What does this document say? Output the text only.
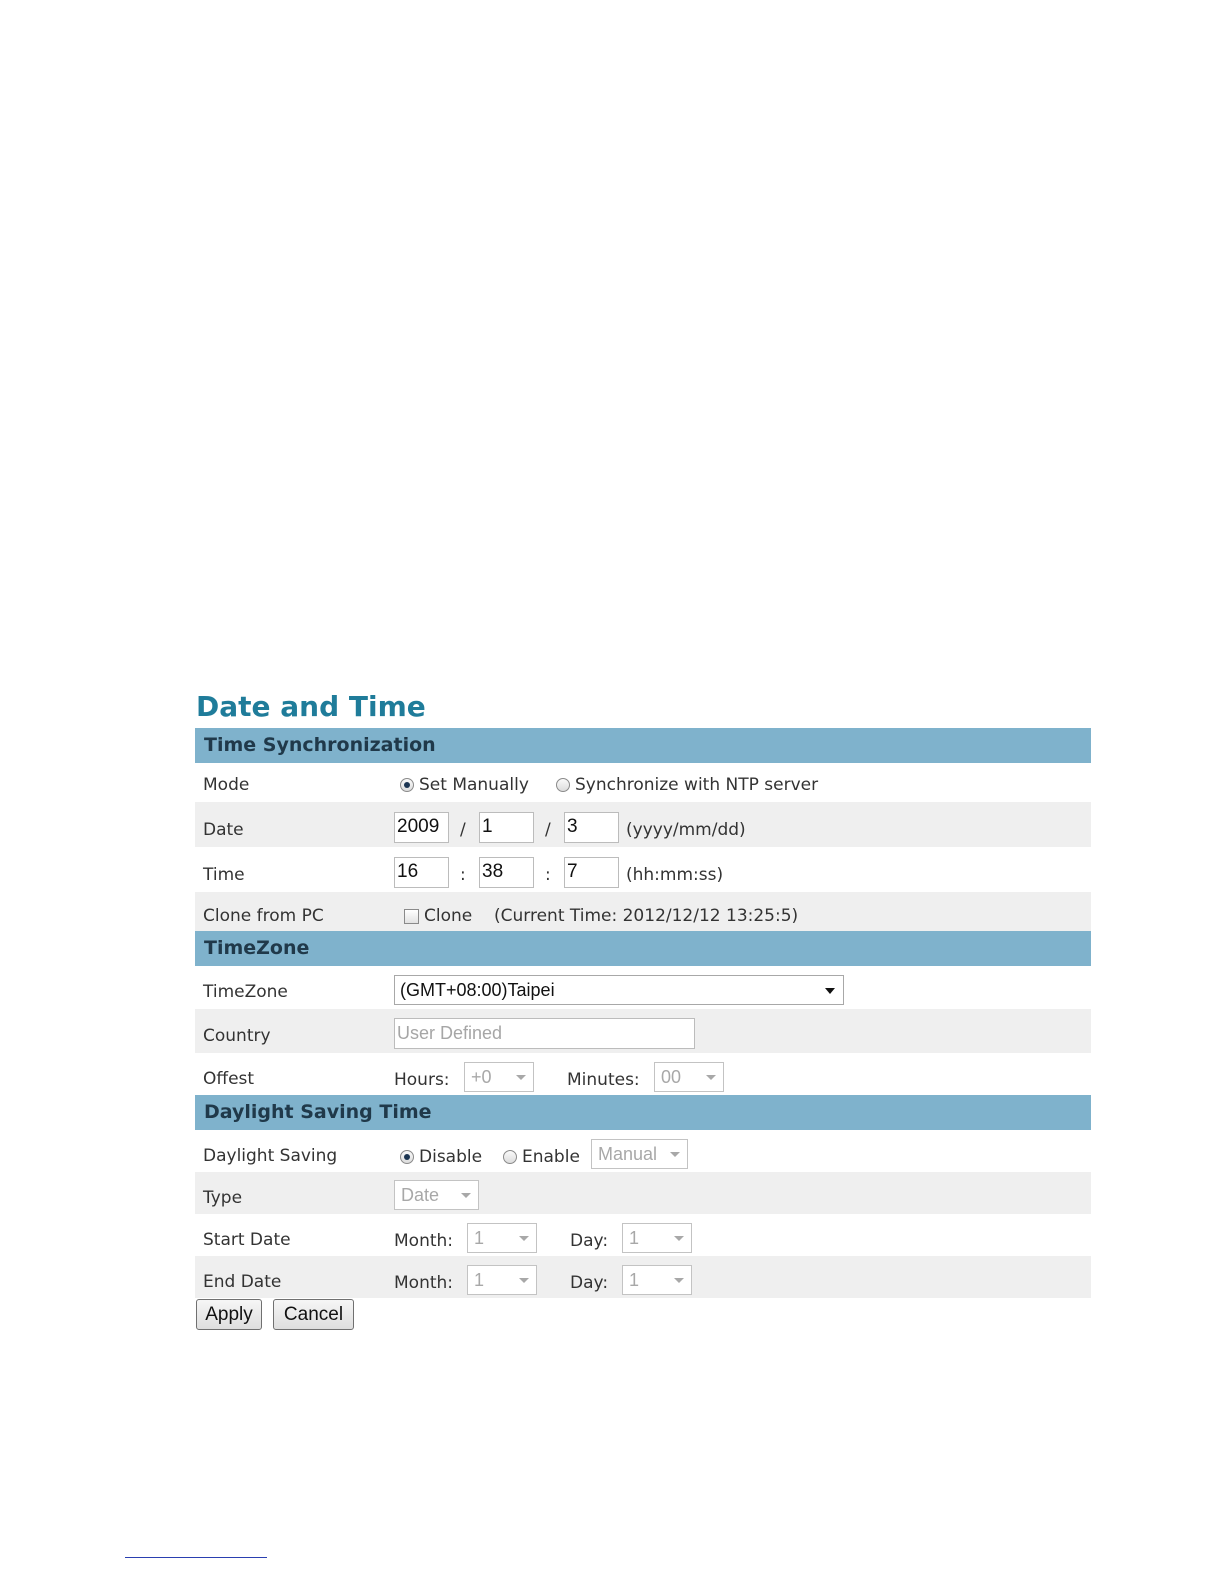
Date and Time
Time Synchronization
Mode	Set Manually	Synchronize with NTP server
Date	2009	/ 1	/ 3	(yyyy/mm/dd)
Time	16	: 38	: 7	(hh:mm:ss)
Clone from PC	Clone (Current Time: 2012/12/12 13:25:5)
TimeZone
TimeZone	(GMT+08:00)Taipei
Country	User Defined
Offest	Hours:	+0	Minutes:	00
Daylight Saving Time
Daylight Saving	Disable	Enable	Manual
Type	Date
Start Date	Month:	1	Day:	1
End Date	Month:	1	Day:	1
Apply	Cancel
